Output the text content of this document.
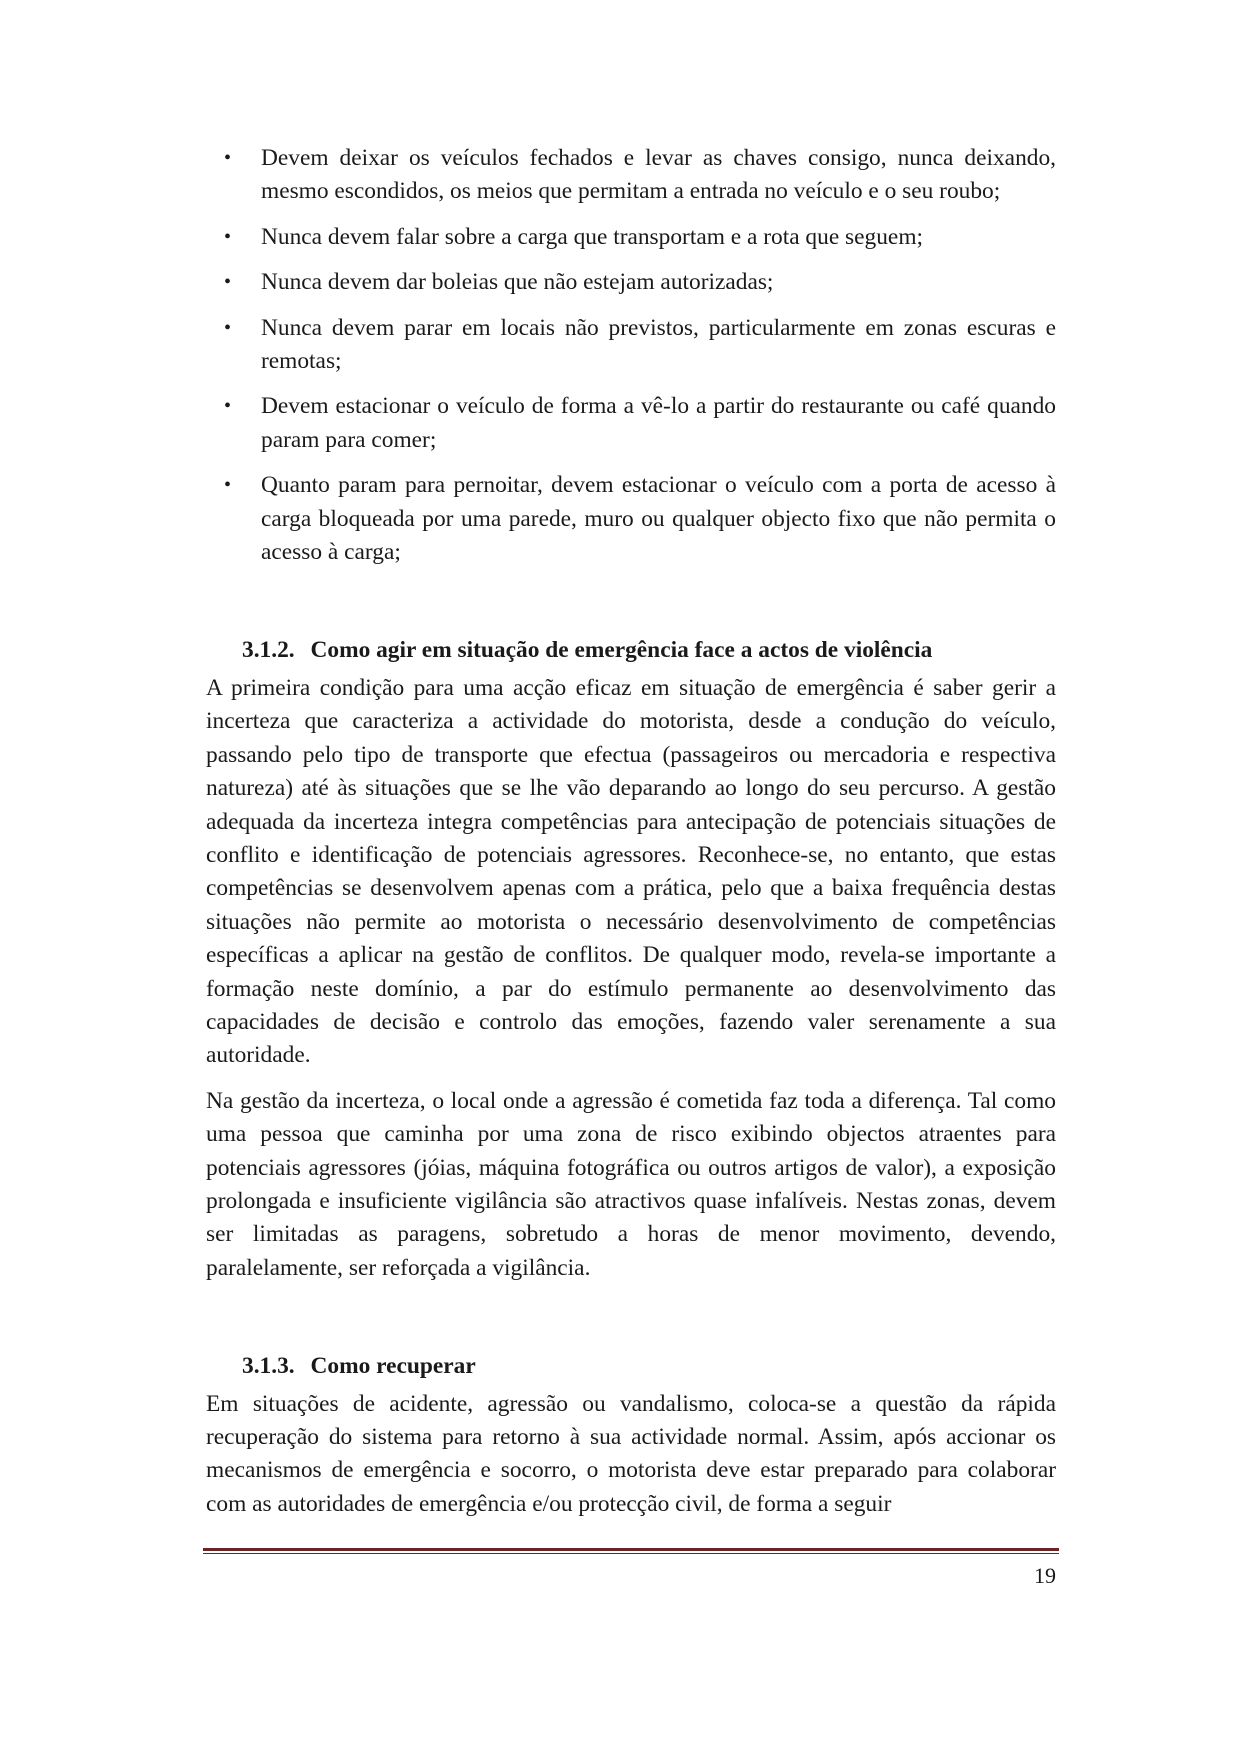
• Devem deixar os veículos fechados e levar as chaves consigo, nunca deixando, mesmo escondidos, os meios que permitam a entrada no veículo e o seu roubo;
• Nunca devem falar sobre a carga que transportam e a rota que seguem;
• Nunca devem dar boleias que não estejam autorizadas;
• Nunca devem parar em locais não previstos, particularmente em zonas escuras e remotas;
• Devem estacionar o veículo de forma a vê-lo a partir do restaurante ou café quando param para comer;
• Quanto param para pernoitar, devem estacionar o veículo com a porta de acesso à carga bloqueada por uma parede, muro ou qualquer objecto fixo que não permita o acesso à carga;
3.1.2. Como agir em situação de emergência face a actos de violência

A primeira condição para uma acção eficaz em situação de emergência é saber gerir a incerteza que caracteriza a actividade do motorista, desde a condução do veículo, passando pelo tipo de transporte que efectua (passageiros ou mercadoria e respectiva natureza) até às situações que se lhe vão deparando ao longo do seu percurso. A gestão adequada da incerteza integra competências para antecipação de potenciais situações de conflito e identificação de potenciais agressores. Reconhece-se, no entanto, que estas competências se desenvolvem apenas com a prática, pelo que a baixa frequência destas situações não permite ao motorista o necessário desenvolvimento de competências específicas a aplicar na gestão de conflitos. De qualquer modo, revela-se importante a formação neste domínio, a par do estímulo permanente ao desenvolvimento das capacidades de decisão e controlo das emoções, fazendo valer serenamente a sua autoridade.

Na gestão da incerteza, o local onde a agressão é cometida faz toda a diferença. Tal como uma pessoa que caminha por uma zona de risco exibindo objectos atraentes para potenciais agressores (jóias, máquina fotográfica ou outros artigos de valor), a exposição prolongada e insuficiente vigilância são atractivos quase infalíveis. Nestas zonas, devem ser limitadas as paragens, sobretudo a horas de menor movimento, devendo, paralelamente, ser reforçada a vigilância.

3.1.3. Como recuperar

Em situações de acidente, agressão ou vandalismo, coloca-se a questão da rápida recuperação do sistema para retorno à sua actividade normal. Assim, após accionar os mecanismos de emergência e socorro, o motorista deve estar preparado para colaborar com as autoridades de emergência e/ou protecção civil, de forma a seguir

19
